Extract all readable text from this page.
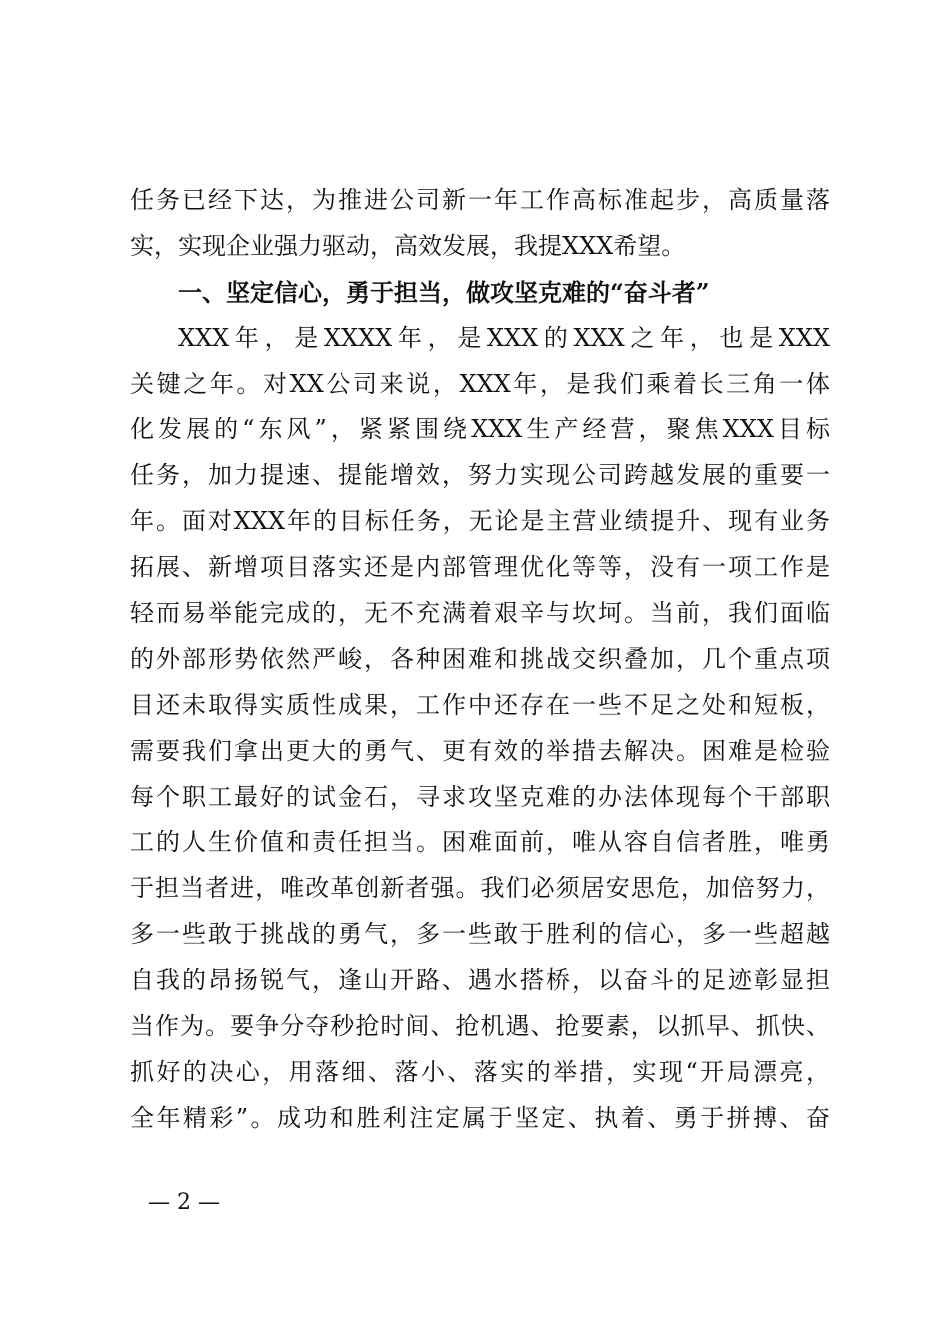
任务已经下达，为推进公司新一年工作高标准起步，高质量落
实，实现企业强力驱动，高效发展，我提XXX希望。
一、坚定信心，勇于担当，做攻坚克难的“奋斗者”
XXX年，是XXXX年，是XXX的XXX之年，也是XXX
关键之年。对XX公司来说，XXX年，是我们乘着长三角一体
化发展的“东风”，紧紧围绕XXX生产经营，聚焦XXX目标
任务，加力提速、提能增效，努力实现公司跨越发展的重要一
年。面对XXX年的目标任务，无论是主营业绩提升、现有业务
拓展、新增项目落实还是内部管理优化等等，没有一项工作是
轻而易举能完成的，无不充满着艰辛与坎坷。当前，我们面临
的外部形势依然严峻，各种困难和挑战交织叠加，几个重点项
目还未取得实质性成果，工作中还存在一些不足之处和短板，
需要我们拿出更大的勇气、更有效的举措去解决。困难是检验
每个职工最好的试金石，寻求攻坚克难的办法体现每个干部职
工的人生价值和责任担当。困难面前，唯从容自信者胜，唯勇
于担当者进，唯改革创新者强。我们必须居安思危，加倍努力，
多一些敢于挑战的勇气，多一些敢于胜利的信心，多一些超越
自我的昂扬锐气，逢山开路、遇水搭桥，以奋斗的足迹彰显担
当作为。要争分夺秒抢时间、抢机遇、抢要素，以抓早、抓快、
抓好的决心，用落细、落小、落实的举措，实现“开局漂亮，
全年精彩”。成功和胜利注定属于坚定、执着、勇于拼搏、奋
— 2 —
